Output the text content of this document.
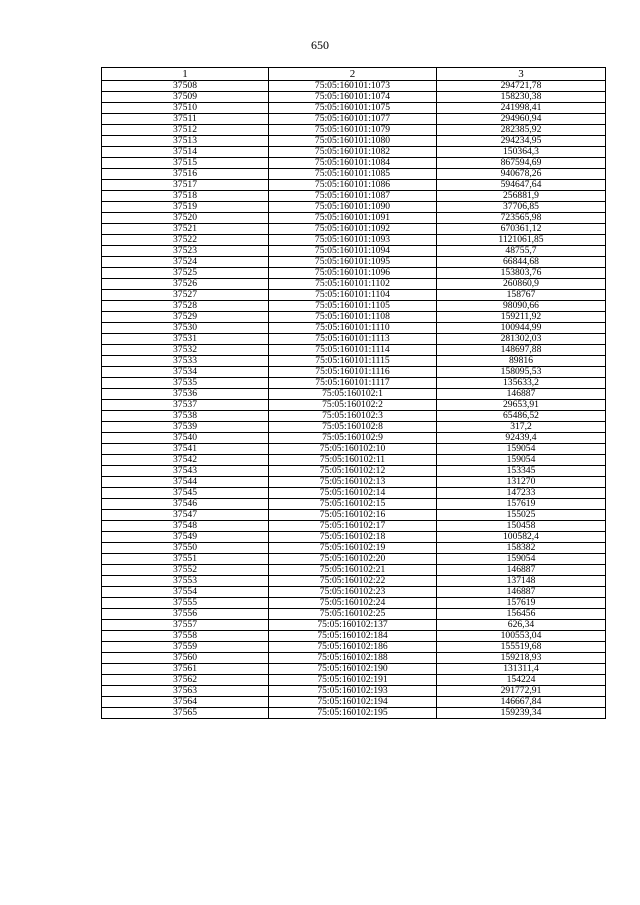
650
1	2	3
37508	75:05:160101:1073	294721,78
37509	75:05:160101:1074	158230,38
37510	75:05:160101:1075	241998,41
37511	75:05:160101:1077	294960,94
37512	75:05:160101:1079	282385,92
37513	75:05:160101:1080	294234,95
37514	75:05:160101:1082	150364,3
37515	75:05:160101:1084	867594,69
37516	75:05:160101:1085	940678,26
37517	75:05:160101:1086	594647,64
37518	75:05:160101:1087	256881,9
37519	75:05:160101:1090	37706,85
37520	75:05:160101:1091	723565,98
37521	75:05:160101:1092	670361,12
37522	75:05:160101:1093	1121061,85
37523	75:05:160101:1094	48755,7
37524	75:05:160101:1095	66844,68
37525	75:05:160101:1096	153803,76
37526	75:05:160101:1102	260860,9
37527	75:05:160101:1104	158767
37528	75:05:160101:1105	98090,66
37529	75:05:160101:1108	159211,92
37530	75:05:160101:1110	100944,99
37531	75:05:160101:1113	281302,03
37532	75:05:160101:1114	148697,88
37533	75:05:160101:1115	89816
37534	75:05:160101:1116	158095,53
37535	75:05:160101:1117	135633,2
37536	75:05:160102:1	146887
37537	75:05:160102:2	29653,91
37538	75:05:160102:3	65486,52
37539	75:05:160102:8	317,2
37540	75:05:160102:9	92439,4
37541	75:05:160102:10	159054
37542	75:05:160102:11	159054
37543	75:05:160102:12	153345
37544	75:05:160102:13	131270
37545	75:05:160102:14	147233
37546	75:05:160102:15	157619
37547	75:05:160102:16	155025
37548	75:05:160102:17	150458
37549	75:05:160102:18	100582,4
37550	75:05:160102:19	158382
37551	75:05:160102:20	159054
37552	75:05:160102:21	146887
37553	75:05:160102:22	137148
37554	75:05:160102:23	146887
37555	75:05:160102:24	157619
37556	75:05:160102:25	156456
37557	75:05:160102:137	626,34
37558	75:05:160102:184	100553,04
37559	75:05:160102:186	155519,68
37560	75:05:160102:188	159218,93
37561	75:05:160102:190	131311,4
37562	75:05:160102:191	154224
37563	75:05:160102:193	291772,91
37564	75:05:160102:194	146667,84
37565	75:05:160102:195	159239,34
